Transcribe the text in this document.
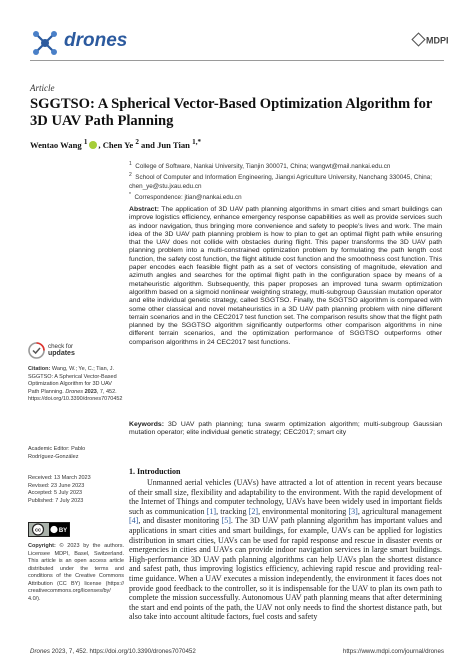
drones	MDPI
Article
SGGTSO: A Spherical Vector-Based Optimization Algorithm for 3D UAV Path Planning
Wentao Wang $^1$ , Chen Ye $^2$ and Jun Tian $^{1,*}$
$^1$ College of Software, Nankai University, Tianjin 300071, China; wangwt@mail.nankai.edu.cn
$^2$ School of Computer and Information Engineering, Jiangxi Agriculture University, Nanchang 330045, China; chen_ye@stu.jxau.edu.cn
* Correspondence: jtian@nankai.edu.cn
Abstract: The application of 3D UAV path planning algorithms in smart cities and smart buildings can improve logistics efficiency, enhance emergency response capabilities as well as provide services such as indoor navigation, thus bringing more convenience and safety to people’s lives and work. The main idea of the 3D UAV path planning problem is how to plan to get an optimal flight path while ensuring that the UAV does not collide with obstacles during flight. This paper transforms the 3D UAV path planning problem into a multi-constrained optimization problem by formulating the path length cost function, the safety cost function, the flight altitude cost function and the smoothness cost function. This paper encodes each feasible flight path as a set of vectors consisting of magnitude, elevation and azimuth angles and searches for the optimal flight path in the configuration space by means of a metaheuristic algorithm. Subsequently, this paper proposes an improved tuna swarm optimization algorithm based on a sigmoid nonlinear weighting strategy, multi-subgroup Gaussian mutation operator and elite individual genetic strategy, called SGGTSO. Finally, the SGGTSO algorithm is compared with some other classical and novel metaheuristics in a 3D UAV path planning problem with nine different terrain scenarios and in the CEC2017 test function set. The comparison results show that the flight path planned by the SGGTSO algorithm significantly outperforms other comparison algorithms in nine different terrain scenarios, and the optimization performance of SGGTSO outperforms other comparison algorithms in 24 CEC2017 test functions.
Keywords: 3D UAV path planning; tuna swarm optimization algorithm; multi-subgroup Gaussian mutation operator; elite individual genetic strategy; CEC2017; smart city
check for
updates
Citation: Wang, W.; Ye, C.; Tian, J. SGGTSO: A Spherical Vector-Based Optimization Algorithm for 3D UAV Path Planning. Drones 2023, 7, 452. https://doi.org/10.3390/drones7070452
Academic Editor: Pablo
Rodríguez-González
Received: 13 March 2023
Revised: 23 June 2023
Accepted: 5 July 2023
Published: 7 July 2023
cc	BY
Copyright: © 2023 by the authors. Licensee MDPI, Basel, Switzerland. This article is an open access article distributed under the terms and conditions of the Creative Commons Attribution (CC BY) license (https:// creativecommons.org/licenses/by/ 4.0/).
1. Introduction
Unmanned aerial vehicles (UAVs) have attracted a lot of attention in recent years because of their small size, flexibility and adaptability to the environment. With the rapid development of the Internet of Things and computer technology, UAVs have been widely used in important fields such as communication [1], tracking [2], environmental monitoring [3], agricultural management [4], and disaster monitoring [5]. The 3D UAV path planning algorithm has important values and applications in smart cities and smart buildings, for example, UAVs can be applied for logistics distribution in smart cities, UAVs can be used for rapid response and rescue in disaster events or emergencies in cities and UAVs can provide indoor navigation services in large smart buildings. High-performance 3D UAV path planning algorithms can help UAVs plan the shortest distance and safest path, thus improving logistics efficiency, achieving rapid rescue and providing real-time guidance. When a UAV executes a mission independently, the environment it faces does not provide good feedback to the controller, so it is indispensable for the UAV to plan its own path to complete the mission successfully. Autonomous UAV path planning means that after determining the start and end points of the path, the UAV not only needs to find the shortest distance path, but also take into account altitude factors, fuel costs and safety
Drones 2023, 7, 452. https://doi.org/10.3390/drones7070452	https://www.mdpi.com/journal/drones
